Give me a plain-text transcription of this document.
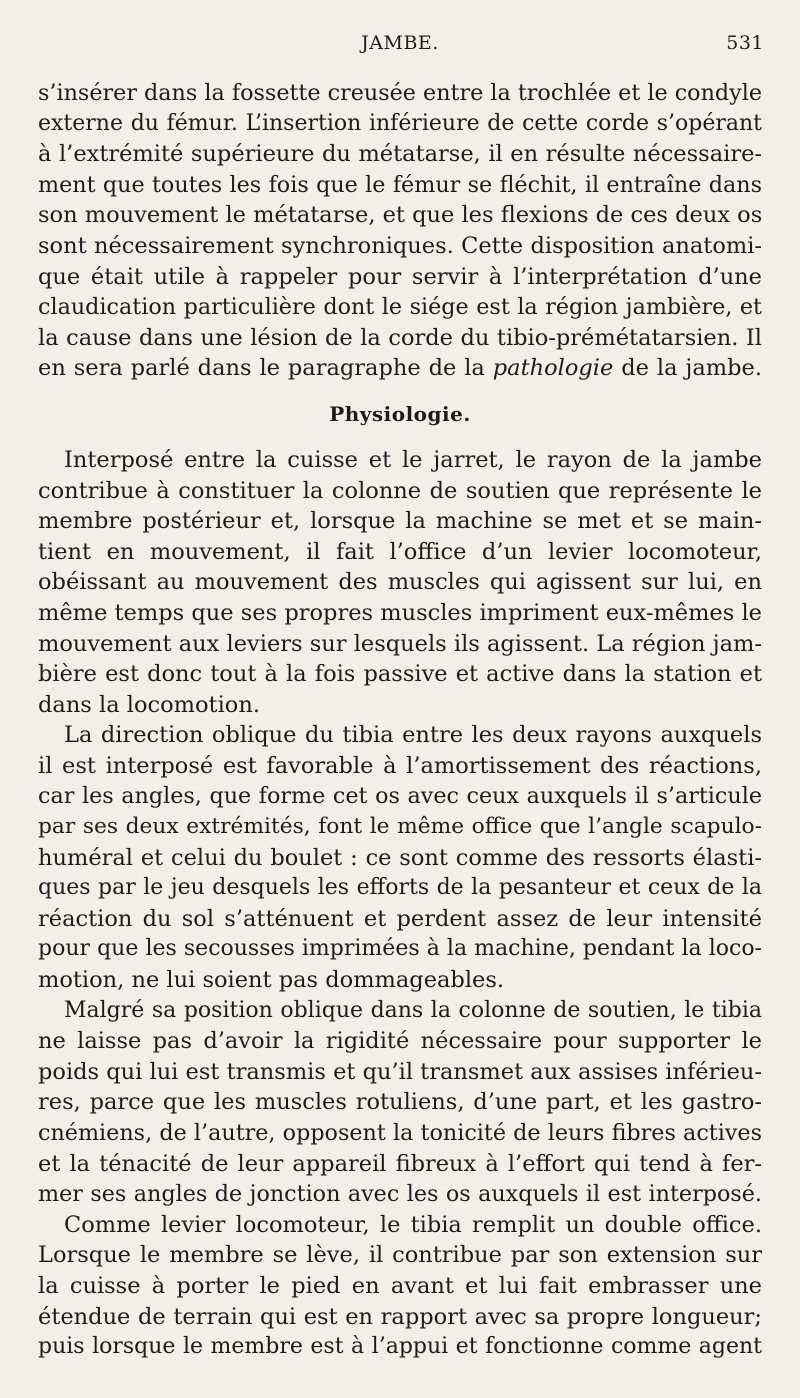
JAMBE.	531
s’insérer dans la fossette creusée entre la trochlée et le condyle
externe du fémur. L’insertion inférieure de cette corde s’opérant
à l’extrémité supérieure du métatarse, il en résulte nécessaire-
ment que toutes les fois que le fémur se fléchit, il entraîne dans
son mouvement le métatarse, et que les flexions de ces deux os
sont nécessairement synchroniques. Cette disposition anatomi-
que était utile à rappeler pour servir à l’interprétation d’une
claudication particulière dont le siége est la région jambière, et
la cause dans une lésion de la corde du tibio-prémétatarsien. Il
en sera parlé dans le paragraphe de la pathologie de la jambe.
Physiologie.
Interposé entre la cuisse et le jarret, le rayon de la jambe
contribue à constituer la colonne de soutien que représente le
membre postérieur et, lorsque la machine se met et se main-
tient en mouvement, il fait l’office d’un levier locomoteur,
obéissant au mouvement des muscles qui agissent sur lui, en
même temps que ses propres muscles impriment eux-mêmes le
mouvement aux leviers sur lesquels ils agissent. La région jam-
bière est donc tout à la fois passive et active dans la station et
dans la locomotion.
La direction oblique du tibia entre les deux rayons auxquels
il est interposé est favorable à l’amortissement des réactions,
car les angles, que forme cet os avec ceux auxquels il s’articule
par ses deux extrémités, font le même office que l’angle scapulo-
huméral et celui du boulet : ce sont comme des ressorts élasti-
ques par le jeu desquels les efforts de la pesanteur et ceux de la
réaction du sol s’atténuent et perdent assez de leur intensité
pour que les secousses imprimées à la machine, pendant la loco-
motion, ne lui soient pas dommageables.
Malgré sa position oblique dans la colonne de soutien, le tibia
ne laisse pas d’avoir la rigidité nécessaire pour supporter le
poids qui lui est transmis et qu’il transmet aux assises inférieu-
res, parce que les muscles rotuliens, d’une part, et les gastro-
cnémiens, de l’autre, opposent la tonicité de leurs fibres actives
et la ténacité de leur appareil fibreux à l’effort qui tend à fer-
mer ses angles de jonction avec les os auxquels il est interposé.
Comme levier locomoteur, le tibia remplit un double office.
Lorsque le membre se lève, il contribue par son extension sur
la cuisse à porter le pied en avant et lui fait embrasser une
étendue de terrain qui est en rapport avec sa propre longueur;
puis lorsque le membre est à l’appui et fonctionne comme agent
